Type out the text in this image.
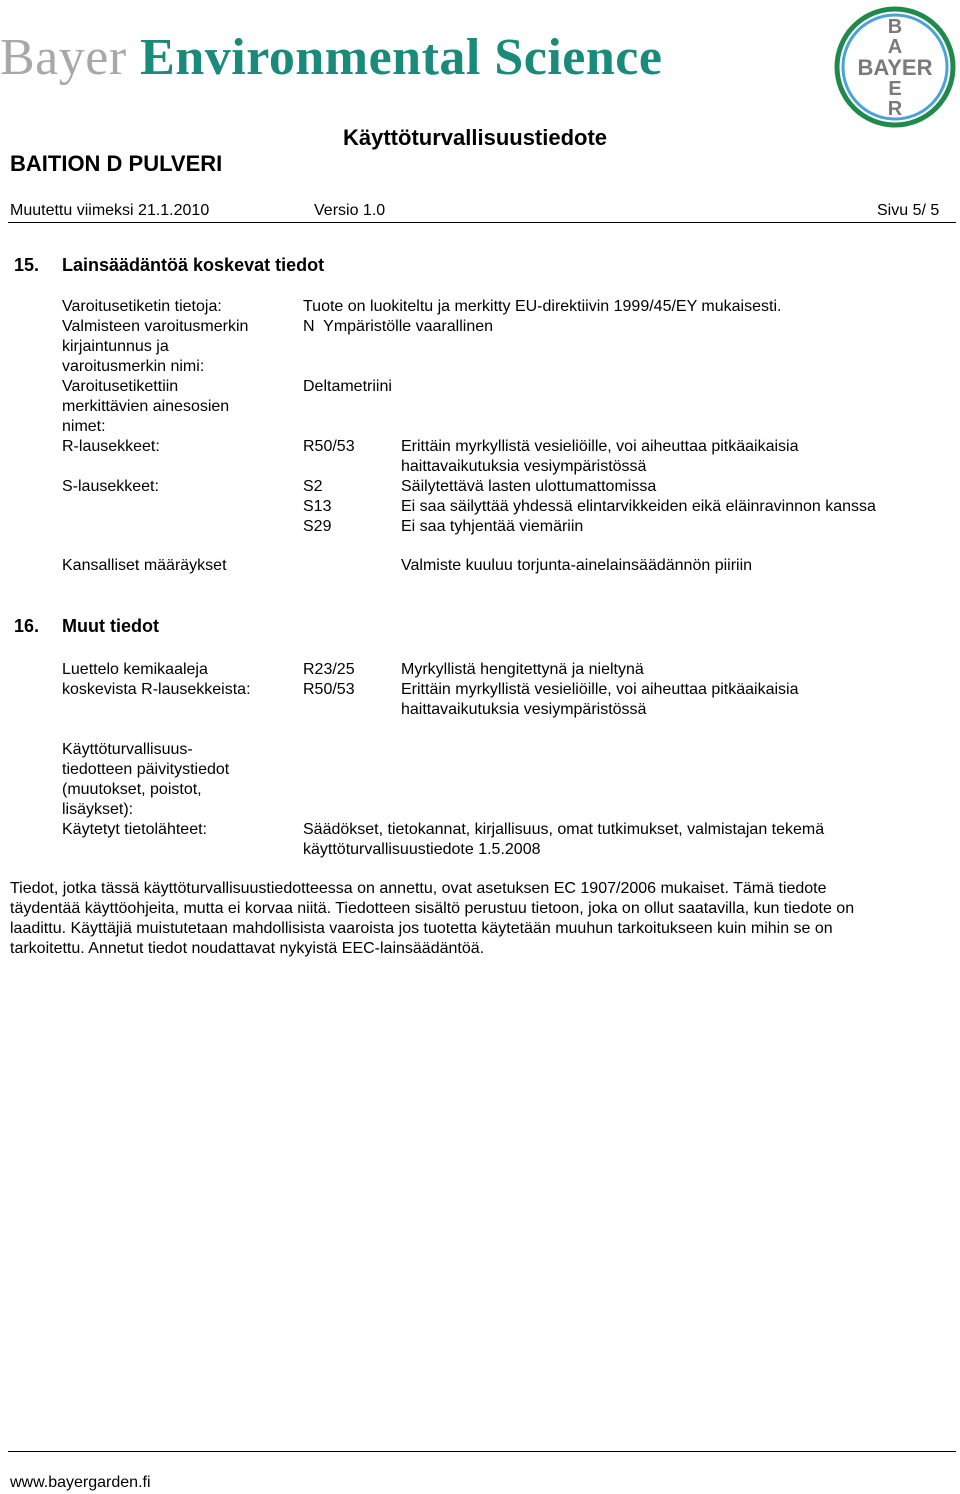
Bayer Environmental Science
B
A
BAYER
E
R
Käyttöturvallisuustiedote
BAITION D PULVERI
Muutettu viimeksi 21.1.2010	Versio 1.0	Sivu 5/ 5
15. Lainsäädäntöä koskevat tiedot
Varoitusetiketin tietoja:	Tuote on luokiteltu ja merkitty EU-direktiivin 1999/45/EY mukaisesti.
Valmisteen varoitusmerkin
kirjaintunnus ja
varoitusmerkin nimi:
N  Ympäristölle vaarallinen
Varoitusetikettiin
merkittävien ainesosien
nimet:
Deltametriini
R-lausekkeet:	R50/53	Erittäin myrkyllistä vesieliöille, voi aiheuttaa pitkäaikaisia
haittavaikutuksia vesiympäristössä
S-lausekkeet:	S2	Säilytettävä lasten ulottumattomissa
S13	Ei saa säilyttää yhdessä elintarvikkeiden eikä eläinravinnon kanssa
S29	Ei saa tyhjentää viemäriin
Kansalliset määräykset	Valmiste kuuluu torjunta-ainelainsäädännön piiriin
16. Muut tiedot
Luettelo kemikaaleja
koskevista R-lausekkeista:
R23/25	Myrkyllistä hengitettynä ja nieltynä
R50/53	Erittäin myrkyllistä vesieliöille, voi aiheuttaa pitkäaikaisia
haittavaikutuksia vesiympäristössä
Käyttöturvallisuus-
tiedotteen päivitystiedot
(muutokset, poistot,
lisäykset):
Käytetyt tietolähteet:	Säädökset, tietokannat, kirjallisuus, omat tutkimukset, valmistajan tekemä
käyttöturvallisuustiedote 1.5.2008
Tiedot, jotka tässä käyttöturvallisuustiedotteessa on annettu, ovat asetuksen EC 1907/2006 mukaiset. Tämä tiedote
täydentää käyttöohjeita, mutta ei korvaa niitä. Tiedotteen sisältö perustuu tietoon, joka on ollut saatavilla, kun tiedote on
laadittu. Käyttäjiä muistutetaan mahdollisista vaaroista jos tuotetta käytetään muuhun tarkoitukseen kuin mihin se on
tarkoitettu. Annetut tiedot noudattavat nykyistä EEC-lainsäädäntöä.
www.bayergarden.fi
